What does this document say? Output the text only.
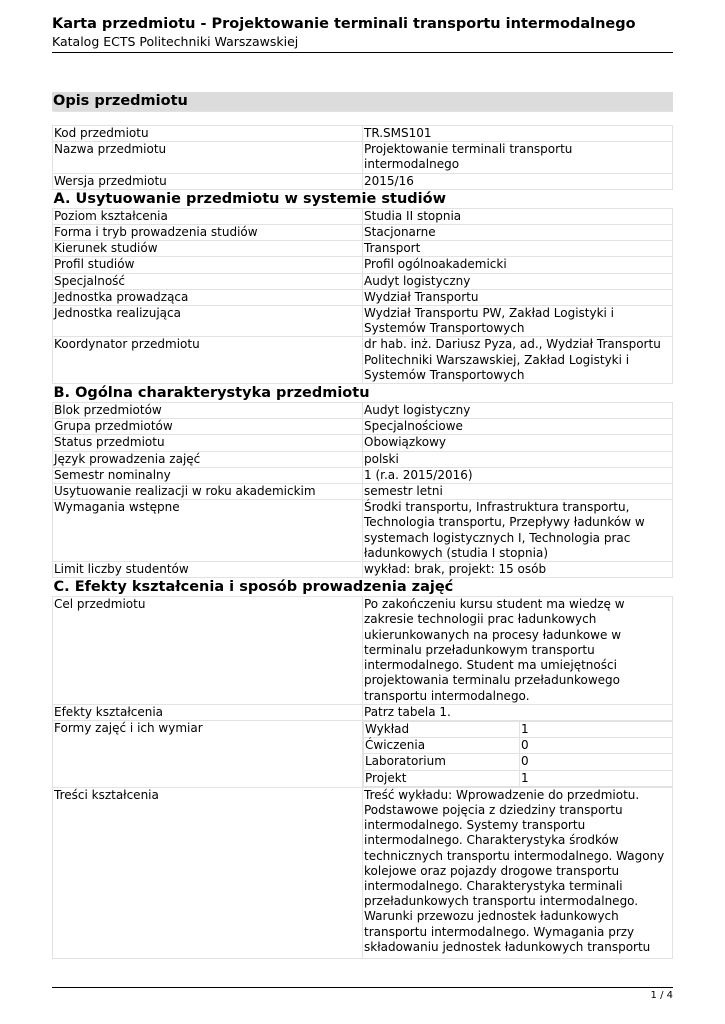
Karta przedmiotu - Projektowanie terminali transportu intermodalnego
Katalog ECTS Politechniki Warszawskiej
Opis przedmiotu

Kod przedmiotu	TR.SMS101
Nazwa przedmiotu	Projektowanie terminali transportu intermodalnego
Wersja przedmiotu	2015/16
A. Usytuowanie przedmiotu w systemie studiów
Poziom kształcenia	Studia II stopnia
Forma i tryb prowadzenia studiów	Stacjonarne
Kierunek studiów	Transport
Profil studiów	Profil ogólnoakademicki
Specjalność	Audyt logistyczny
Jednostka prowadząca	Wydział Transportu
Jednostka realizująca	Wydział Transportu PW, Zakład Logistyki i Systemów Transportowych
Koordynator przedmiotu	dr hab. inż. Dariusz Pyza, ad., Wydział Transportu Politechniki Warszawskiej, Zakład Logistyki i Systemów Transportowych
B. Ogólna charakterystyka przedmiotu
Blok przedmiotów	Audyt logistyczny
Grupa przedmiotów	Specjalnościowe
Status przedmiotu	Obowiązkowy
Język prowadzenia zajęć	polski
Semestr nominalny	1 (r.a. 2015/2016)
Usytuowanie realizacji w roku akademickim	semestr letni
Wymagania wstępne	Środki transportu, Infrastruktura transportu, Technologia transportu, Przepływy ładunków w systemach logistycznych I, Technologia prac ładunkowych (studia I stopnia)
Limit liczby studentów	wykład: brak, projekt: 15 osób
C. Efekty kształcenia i sposób prowadzenia zajęć
Cel przedmiotu	Po zakończeniu kursu student ma wiedzę w zakresie technologii prac ładunkowych ukierunkowanych na procesy ładunkowe w terminalu przeładunkowym transportu intermodalnego. Student ma umiejętności projektowania terminalu przeładunkowego transportu intermodalnego.
Efekty kształcenia	Patrz tabela 1.
Formy zajęć i ich wymiar		Wykład	1
Ćwiczenia	0
Laboratorium	0
Projekt	1

Treści kształcenia	Treść wykładu: Wprowadzenie do przedmiotu. Podstawowe pojęcia z dziedziny transportu intermodalnego. Systemy transportu intermodalnego. Charakterystyka środków technicznych transportu intermodalnego. Wagony kolejowe oraz pojazdy drogowe transportu intermodalnego. Charakterystyka terminali przeładunkowych transportu intermodalnego. Warunki przewozu jednostek ładunkowych transportu intermodalnego. Wymagania przy składowaniu jednostek ładunkowych transportu
1 / 4
